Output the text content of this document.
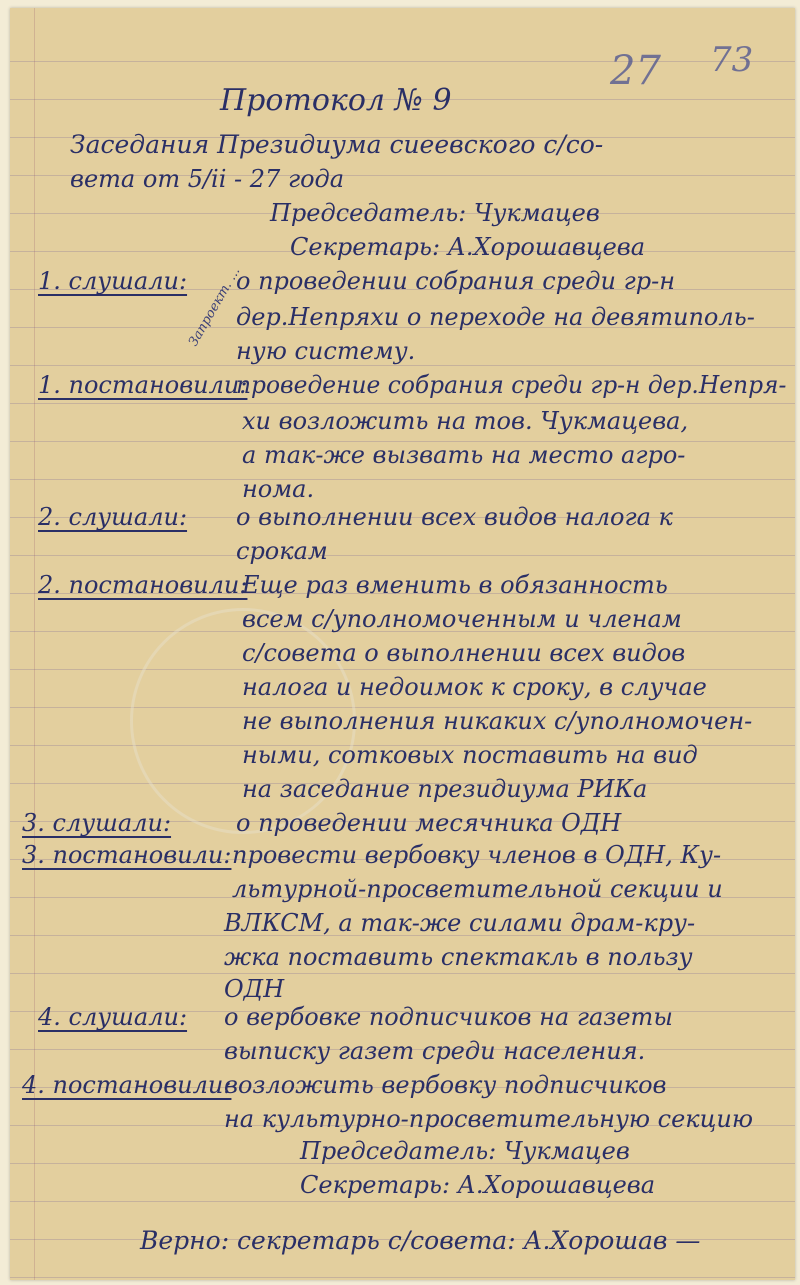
27 73
Протокол № 9
Заседания Президиума сиеевского с/со-
вета от 5/ii - 27 года
Председатель: Чукмацев
Секретарь: А.Хорошавцева
1. слушали: о проведении собрания среди гр-н
дер.Непряхи о переходе на девятиполь-
ную систему.
Запроект. ...
1. постановили:
проведение собрания среди гр-н дер.Непря-
хи возложить на тов. Чукмацева,
а так-же вызвать на место агро-
нома.
2. слушали: о выполнении всех видов налога к
срокам
2. постановили:
Еще раз вменить в обязанность
всем с/уполномоченным и членам
с/совета о выполнении всех видов
налога и недоимок к сроку, в случае
не выполнения никаких с/уполномочен-
ными, сотковых поставить на вид
на заседание президиума РИКа
3. слушали:	о проведении месячника ОДН
3. постановили: провести вербовку членов в ОДН, Ку-
льтурной-просветительной секции и
ВЛКСМ, а так-же силами драм-кру-
жка поставить спектакль в пользу
ОДН
4. слушали: о вербовке подписчиков на газеты
выписку газет среди населения.
4. постановили:
возложить вербовку подписчиков
на культурно-просветительную секцию
Председатель: Чукмацев
Секретарь: А.Хорошавцева
Верно: секретарь с/совета: А.Хорошав —
